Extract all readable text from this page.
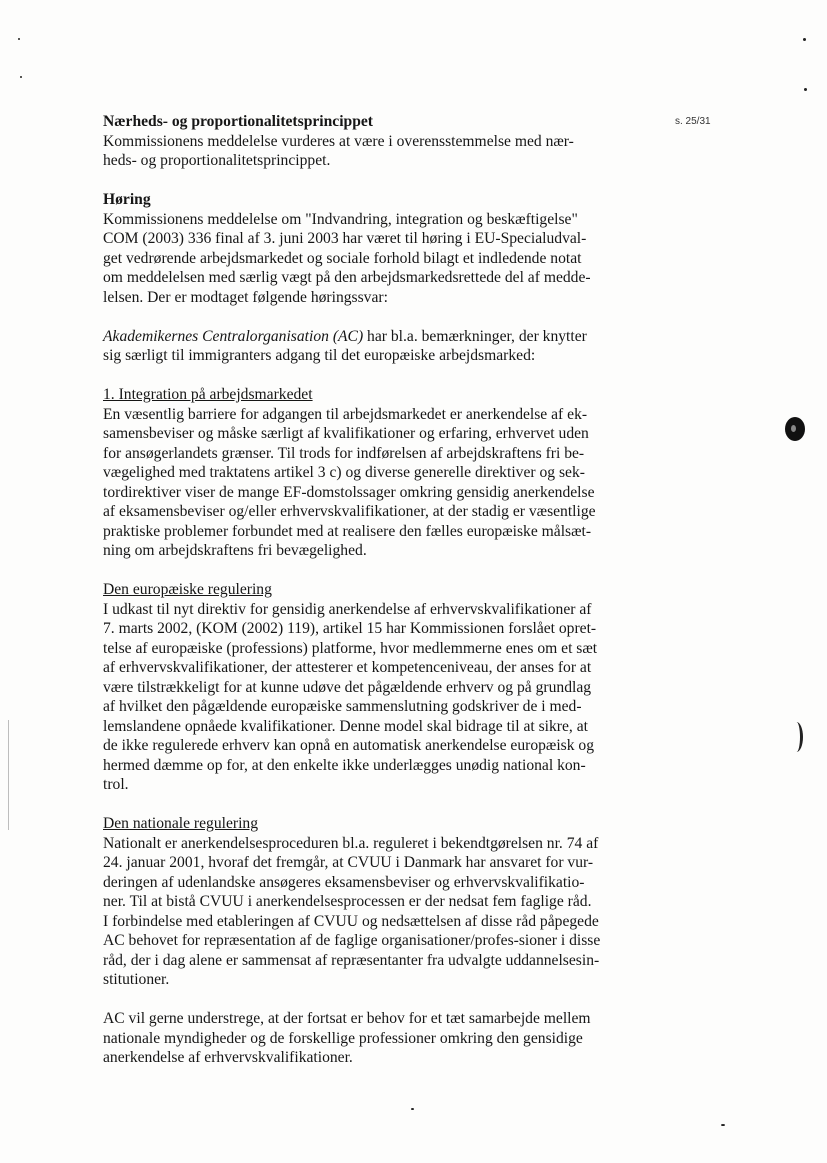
s. 25/31
Nærheds- og proportionalitetsprincippet

Kommissionens meddelelse vurderes at være i overensstemmelse med nær-

heds- og proportionalitetsprincippet.

Høring

Kommissionens meddelelse om "Indvandring, integration og beskæftigelse"

COM (2003) 336 final af 3. juni 2003 har været til høring i EU-Specialudval-

get vedrørende arbejdsmarkedet og sociale forhold bilagt et indledende notat

om meddelelsen med særlig vægt på den arbejdsmarkedsrettede del af medde-

lelsen. Der er modtaget følgende høringssvar:

Akademikernes Centralorganisation (AC) har bl.a. bemærkninger, der knytter

sig særligt til immigranters adgang til det europæiske arbejdsmarked:

1. Integration på arbejdsmarkedet

En væsentlig barriere for adgangen til arbejdsmarkedet er anerkendelse af ek-

samensbeviser og måske særligt af kvalifikationer og erfaring, erhvervet uden

for ansøgerlandets grænser. Til trods for indførelsen af arbejdskraftens fri be-

vægelighed med traktatens artikel 3 c) og diverse generelle direktiver og sek-

tordirektiver viser de mange EF-domstolssager omkring gensidig anerkendelse

af eksamensbeviser og/eller erhvervskvalifikationer, at der stadig er væsentlige

praktiske problemer forbundet med at realisere den fælles europæiske målsæt-

ning om arbejdskraftens fri bevægelighed.

Den europæiske regulering

I udkast til nyt direktiv for gensidig anerkendelse af erhvervskvalifikationer af

7. marts 2002, (KOM (2002) 119), artikel 15 har Kommissionen forslået opret-

telse af europæiske (professions) platforme, hvor medlemmerne enes om et sæt

af erhvervskvalifikationer, der attesterer et kompetenceniveau, der anses for at

være tilstrækkeligt for at kunne udøve det pågældende erhverv og på grundlag

af hvilket den pågældende europæiske sammenslutning godskriver de i med-

lemslandene opnåede kvalifikationer. Denne model skal bidrage til at sikre, at

de ikke regulerede erhverv kan opnå en automatisk anerkendelse europæisk og

hermed dæmme op for, at den enkelte ikke underlægges unødig national kon-

trol.

Den nationale regulering

Nationalt er anerkendelsesproceduren bl.a. reguleret i bekendtgørelsen nr. 74 af

24. januar 2001, hvoraf det fremgår, at CVUU i Danmark har ansvaret for vur-

deringen af udenlandske ansøgeres eksamensbeviser og erhvervskvalifikatio-

ner. Til at bistå CVUU i anerkendelsesprocessen er der nedsat fem faglige råd.

I forbindelse med etableringen af CVUU og nedsættelsen af disse råd påpegede

AC behovet for repræsentation af de faglige organisationer/profes-sioner i disse

råd, der i dag alene er sammensat af repræsentanter fra udvalgte uddannelsesin-

stitutioner.

AC vil gerne understrege, at der fortsat er behov for et tæt samarbejde mellem

nationale myndigheder og de forskellige professioner omkring den gensidige

anerkendelse af erhvervskvalifikationer.
